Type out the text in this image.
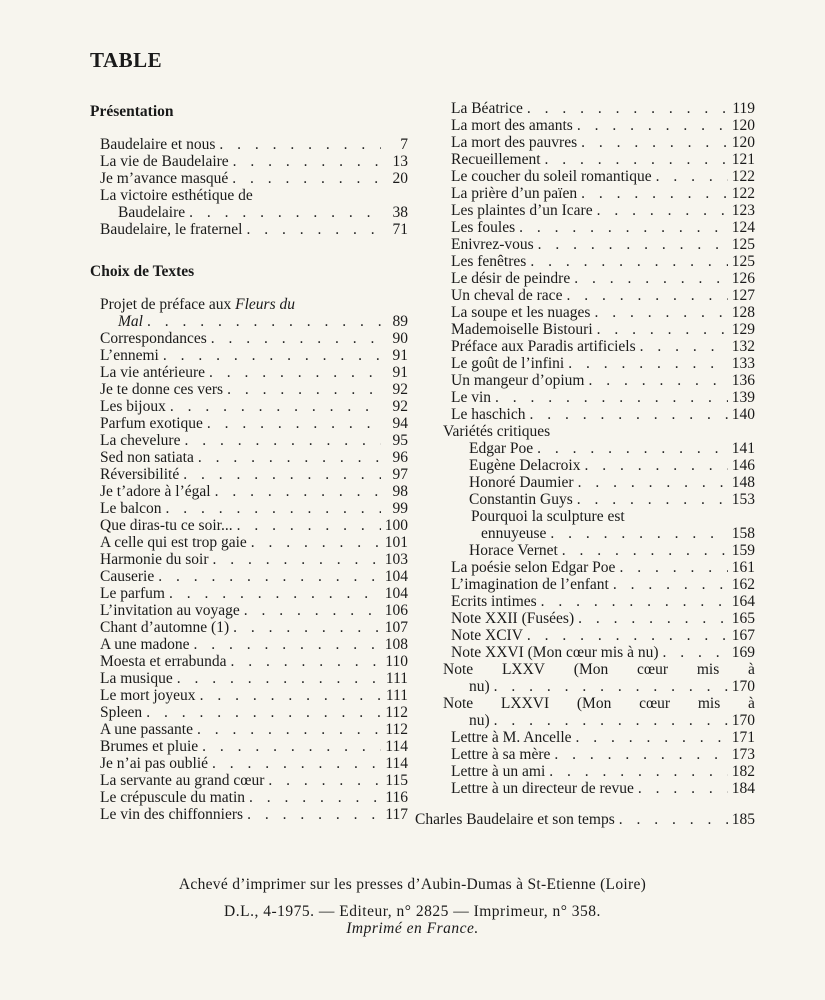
TABLE
Présentation
Baudelaire et nous . . .	7
La vie de Baudelaire . . .	13
Je m’avance masqué . . .	20
La victoire esthétique de
Baudelaire . . .	38
Baudelaire, le fraternel . . .	71
Choix de Textes
Projet de préface aux Fleurs du
Mal . . .	89
Correspondances . . .	90
L’ennemi . . .	91
La vie antérieure . . .	91
Je te donne ces vers . . .	92
Les bijoux . . .	92
Parfum exotique . . .	94
La chevelure . . .	95
Sed non satiata . . .	96
Réversibilité . . .	97
Je t’adore à l’égal . . .	98
Le balcon . . .	99
Que diras-tu ce soir... . . .	100
A celle qui est trop gaie . . .	101
Harmonie du soir . . .	103
Causerie . . .	104
Le parfum . . .	104
L’invitation au voyage . . .	106
Chant d’automne (1) . . .	107
A une madone . . .	108
Moesta et errabunda . . .	110
La musique . . .	111
Le mort joyeux . . .	111
Spleen . . .	112
A une passante . . .	112
Brumes et pluie . . .	114
Je n’ai pas oublié . . .	114
La servante au grand cœur . . .	115
Le crépuscule du matin . . .	116
Le vin des chiffonniers . . .	117
La Béatrice . . .	119
La mort des amants . . .	120
La mort des pauvres . . .	120
Recueillement . . .	121
Le coucher du soleil romantique . . .	122
La prière d’un païen . . .	122
Les plaintes d’un Icare . . .	123
Les foules . . .	124
Enivrez-vous . . .	125
Les fenêtres . . .	125
Le désir de peindre . . .	126
Un cheval de race . . .	127
La soupe et les nuages . . .	128
Mademoiselle Bistouri . . .	129
Préface aux Paradis artificiels . . .	132
Le goût de l’infini . . .	133
Un mangeur d’opium . . .	136
Le vin . . .	139
Le haschich . . .	140
Variétés critiques
Edgar Poe . . .	141
Eugène Delacroix . . .	146
Honoré Daumier . . .	148
Constantin Guys . . .	153
Pourquoi la sculpture est
ennuyeuse . . .	158
Horace Vernet . . .	159
La poésie selon Edgar Poe . . .	161
L’imagination de l’enfant . . .	162
Ecrits intimes . . .	164
Note XXII (Fusées) . . .	165
Note XCIV . . .	167
Note XXVI (Mon cœur mis à nu) . . .	169
Note LXXV (Mon cœur mis à
nu) . . .	170
Note LXXVI (Mon cœur mis à
nu) . . .	170
Lettre à M. Ancelle . . .	171
Lettre à sa mère . . .	173
Lettre à un ami . . .	182
Lettre à un directeur de revue . . .	184
Charles Baudelaire et son temps . . .	185
Achevé d’imprimer sur les presses d’Aubin-Dumas à St-Etienne (Loire)
D.L., 4-1975. — Editeur, n° 2825 — Imprimeur, n° 358.
Imprimé en France.
